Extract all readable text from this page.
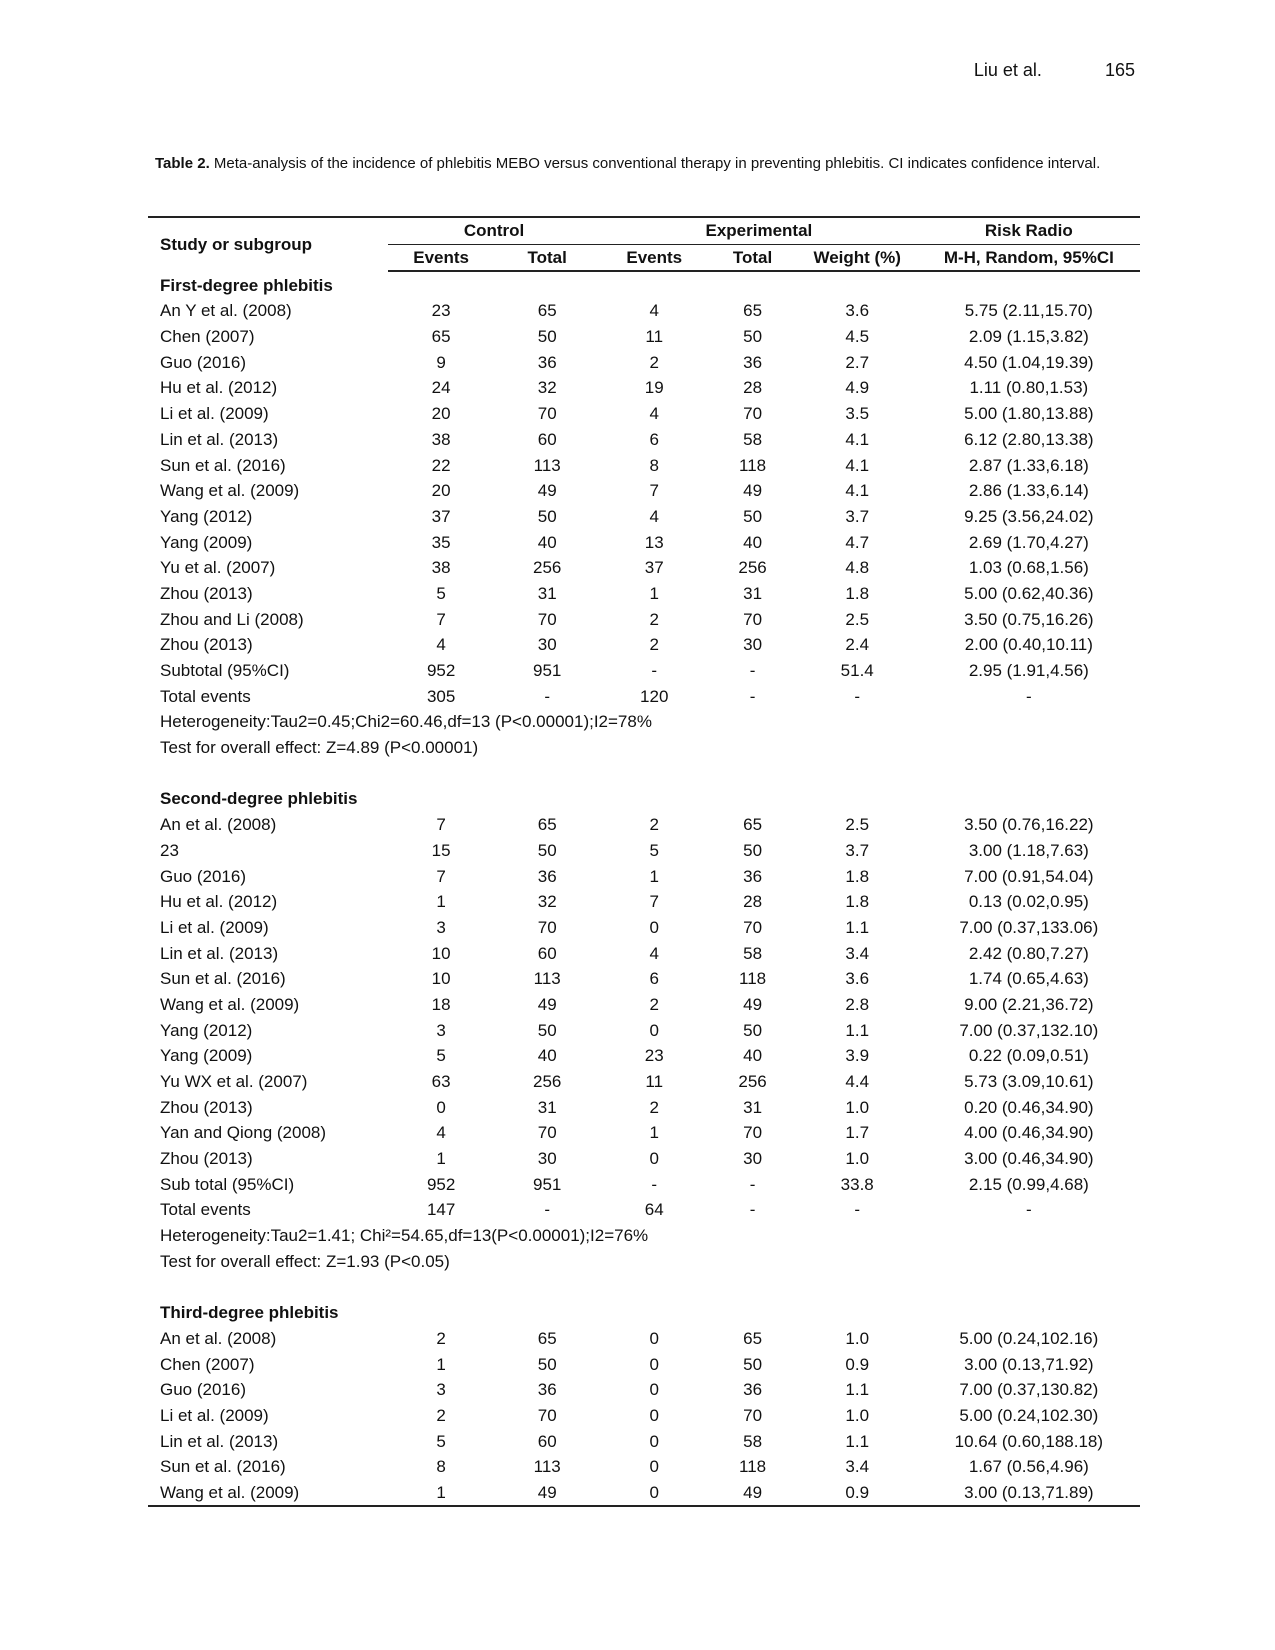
Liu et al.	165
Table 2. Meta-analysis of the incidence of phlebitis MEBO versus conventional therapy in preventing phlebitis. CI indicates confidence interval.
Study or subgroup	Control		Experimental			Risk Radio
	Events	Total	Events	Total	Weight (%)	M-H, Random, 95%CI
First-degree phlebitis						
An Y et al. (2008)	23	65	4	65	3.6	5.75 (2.11,15.70)
Chen (2007)	65	50	11	50	4.5	2.09 (1.15,3.82)
Guo (2016)	9	36	2	36	2.7	4.50 (1.04,19.39)
Hu et al. (2012)	24	32	19	28	4.9	1.11 (0.80,1.53)
Li et al. (2009)	20	70	4	70	3.5	5.00 (1.80,13.88)
Lin et al. (2013)	38	60	6	58	4.1	6.12 (2.80,13.38)
Sun et al. (2016)	22	113	8	118	4.1	2.87 (1.33,6.18)
Wang et al. (2009)	20	49	7	49	4.1	2.86 (1.33,6.14)
Yang (2012)	37	50	4	50	3.7	9.25 (3.56,24.02)
Yang (2009)	35	40	13	40	4.7	2.69 (1.70,4.27)
Yu et al. (2007)	38	256	37	256	4.8	1.03 (0.68,1.56)
Zhou (2013)	5	31	1	31	1.8	5.00 (0.62,40.36)
Zhou and Li (2008)	7	70	2	70	2.5	3.50 (0.75,16.26)
Zhou (2013)	4	30	2	30	2.4	2.00 (0.40,10.11)
Subtotal (95%CI)	952	951	-	-	51.4	2.95 (1.91,4.56)
Total events	305	-	120	-	-	-
Heterogeneity:Tau2=0.45;Chi2=60.46,df=13 (P<0.00001);I2=78%						
Test for overall effect: Z=4.89 (P<0.00001)						

Second-degree phlebitis						
An et al. (2008)	7	65	2	65	2.5	3.50 (0.76,16.22)
23	15	50	5	50	3.7	3.00 (1.18,7.63)
Guo (2016)	7	36	1	36	1.8	7.00 (0.91,54.04)
Hu et al. (2012)	1	32	7	28	1.8	0.13 (0.02,0.95)
Li et al. (2009)	3	70	0	70	1.1	7.00 (0.37,133.06)
Lin et al. (2013)	10	60	4	58	3.4	2.42 (0.80,7.27)
Sun et al. (2016)	10	113	6	118	3.6	1.74 (0.65,4.63)
Wang et al. (2009)	18	49	2	49	2.8	9.00 (2.21,36.72)
Yang (2012)	3	50	0	50	1.1	7.00 (0.37,132.10)
Yang (2009)	5	40	23	40	3.9	0.22 (0.09,0.51)
Yu WX et al. (2007)	63	256	11	256	4.4	5.73 (3.09,10.61)
Zhou (2013)	0	31	2	31	1.0	0.20 (0.46,34.90)
Yan and Qiong (2008)	4	70	1	70	1.7	4.00 (0.46,34.90)
Zhou (2013)	1	30	0	30	1.0	3.00 (0.46,34.90)
Sub total (95%CI)	952	951	-	-	33.8	2.15 (0.99,4.68)
Total events	147	-	64	-	-	-
Heterogeneity:Tau2=1.41; Chi²=54.65,df=13(P<0.00001);I2=76%						
Test for overall effect: Z=1.93 (P<0.05)						

Third-degree phlebitis						
An et al. (2008)	2	65	0	65	1.0	5.00 (0.24,102.16)
Chen (2007)	1	50	0	50	0.9	3.00 (0.13,71.92)
Guo (2016)	3	36	0	36	1.1	7.00 (0.37,130.82)
Li et al. (2009)	2	70	0	70	1.0	5.00 (0.24,102.30)
Lin et al. (2013)	5	60	0	58	1.1	10.64 (0.60,188.18)
Sun et al. (2016)	8	113	0	118	3.4	1.67 (0.56,4.96)
Wang et al. (2009)	1	49	0	49	0.9	3.00 (0.13,71.89)
